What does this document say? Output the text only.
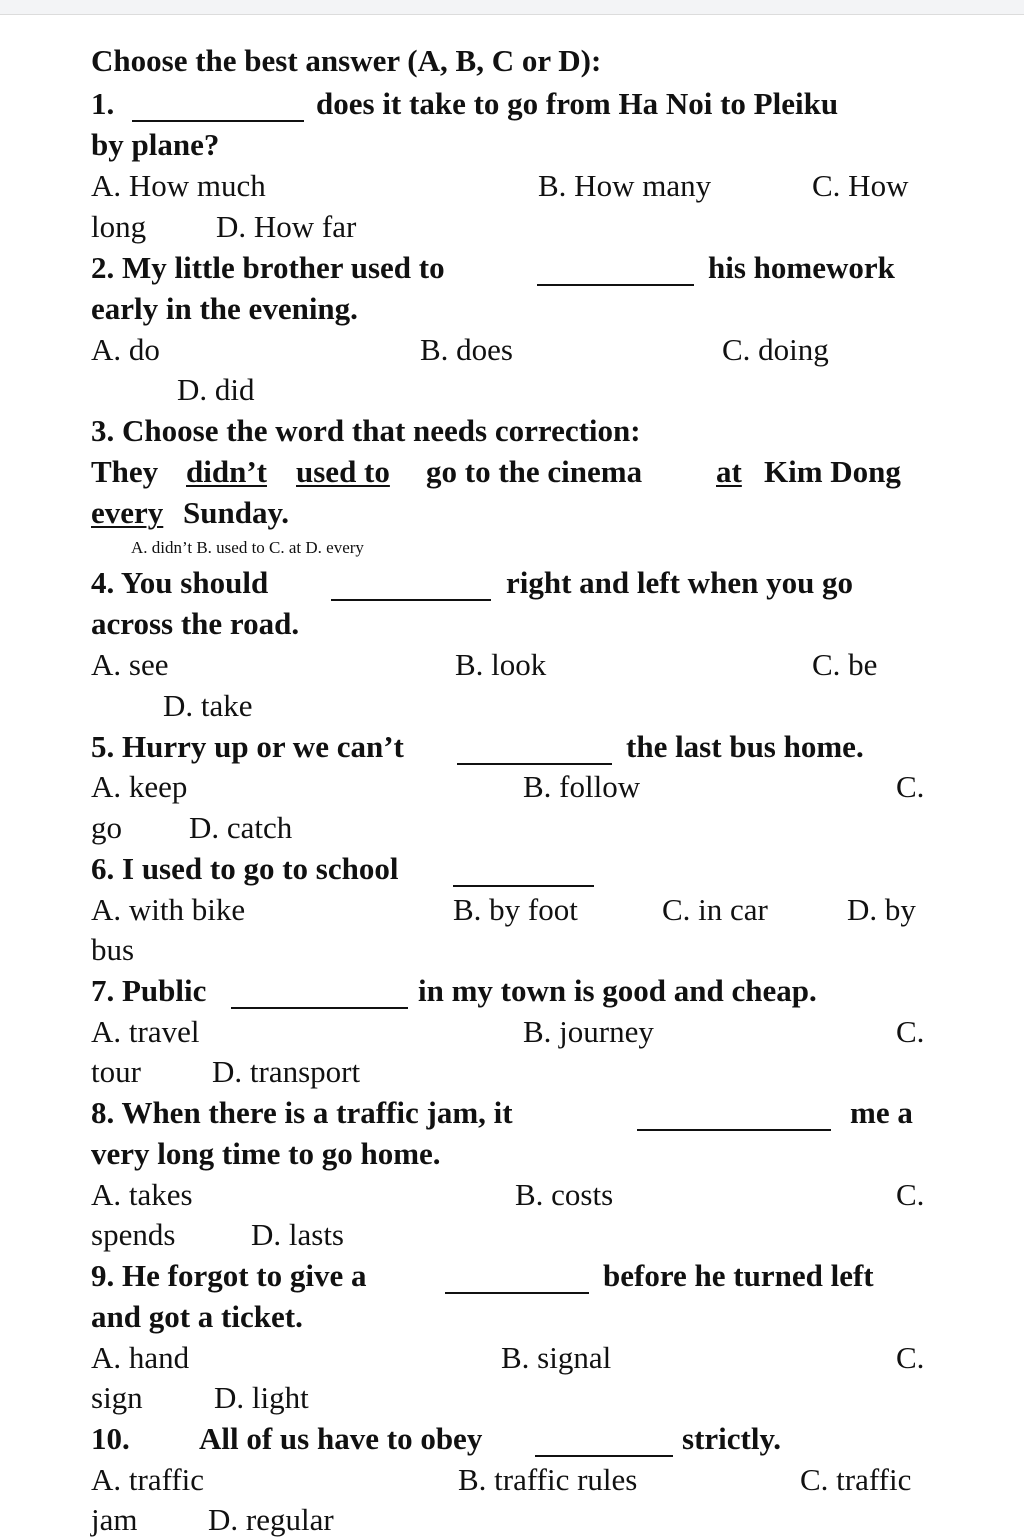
Choose the best answer (A, B, C or D):
1.	does it take to go from Ha Noi to Pleiku
by plane?
A. How much	B. How many	C. How
long D. How far
2. My little brother used to	his homework
early in the evening.
A. do	B. does	C. doing
D. did
3. Choose the word that needs correction:
They didn’t used to go to the cinema at Kim Dong
every Sunday.
A. didn’t B. used to C. at D. every
4. You should	right and left when you go
across the road.
A. see	B. look	C. be
D. take
5. Hurry up or we can’t	the last bus home.
A. keep	B. follow	C.
go D. catch
6. I used to go to school
A. with bike	B. by foot	C. in car	D. by
bus
7. Public	in my town is good and cheap.
A. travel	B. journey	C.
tour D. transport
8. When there is a traffic jam, it	me a
very long time to go home.
A. takes	B. costs	C.
spends D. lasts
9. He forgot to give a	before he turned left
and got a ticket.
A. hand	B. signal	C.
sign D. light
10. All of us have to obey	strictly.
A. traffic	B. traffic rules	C. traffic
jam D. regular
